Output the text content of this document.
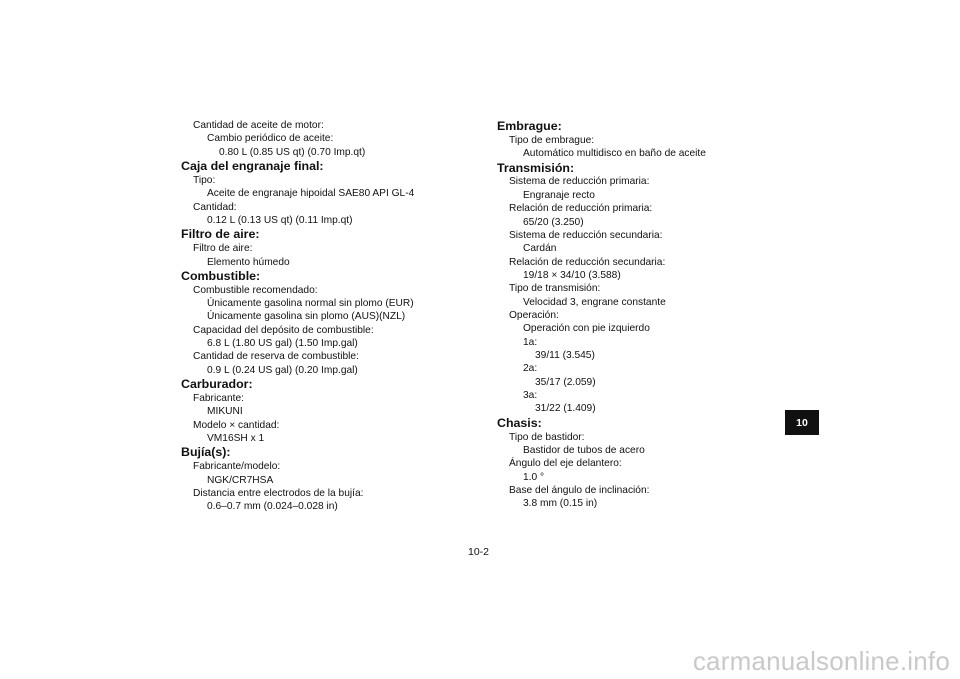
Cantidad de aceite de motor:
Cambio periódico de aceite:
0.80 L (0.85 US qt) (0.70 Imp.qt)
Caja del engranaje final:
Tipo:
Aceite de engranaje hipoidal SAE80 API GL-4
Cantidad:
0.12 L (0.13 US qt) (0.11 Imp.qt)
Filtro de aire:
Filtro de aire:
Elemento húmedo
Combustible:
Combustible recomendado:
Únicamente gasolina normal sin plomo (EUR)
Únicamente gasolina sin plomo (AUS)(NZL)
Capacidad del depósito de combustible:
6.8 L (1.80 US gal) (1.50 Imp.gal)
Cantidad de reserva de combustible:
0.9 L (0.24 US gal) (0.20 Imp.gal)
Carburador:
Fabricante:
MIKUNI
Modelo × cantidad:
VM16SH x 1
Bujía(s):
Fabricante/modelo:
NGK/CR7HSA
Distancia entre electrodos de la bujía:
0.6–0.7 mm (0.024–0.028 in)
Embrague:
Tipo de embrague:
Automático multidisco en baño de aceite
Transmisión:
Sistema de reducción primaria:
Engranaje recto
Relación de reducción primaria:
65/20 (3.250)
Sistema de reducción secundaria:
Cardán
Relación de reducción secundaria:
19/18 × 34/10 (3.588)
Tipo de transmisión:
Velocidad 3, engrane constante
Operación:
Operación con pie izquierdo
1a:
39/11 (3.545)
2a:
35/17 (2.059)
3a:
31/22 (1.409)
Chasis:
Tipo de bastidor:
Bastidor de tubos de acero
Ángulo del eje delantero:
1.0 °
Base del ángulo de inclinación:
3.8 mm (0.15 in)
10
10-2
carmanualsonline.info
